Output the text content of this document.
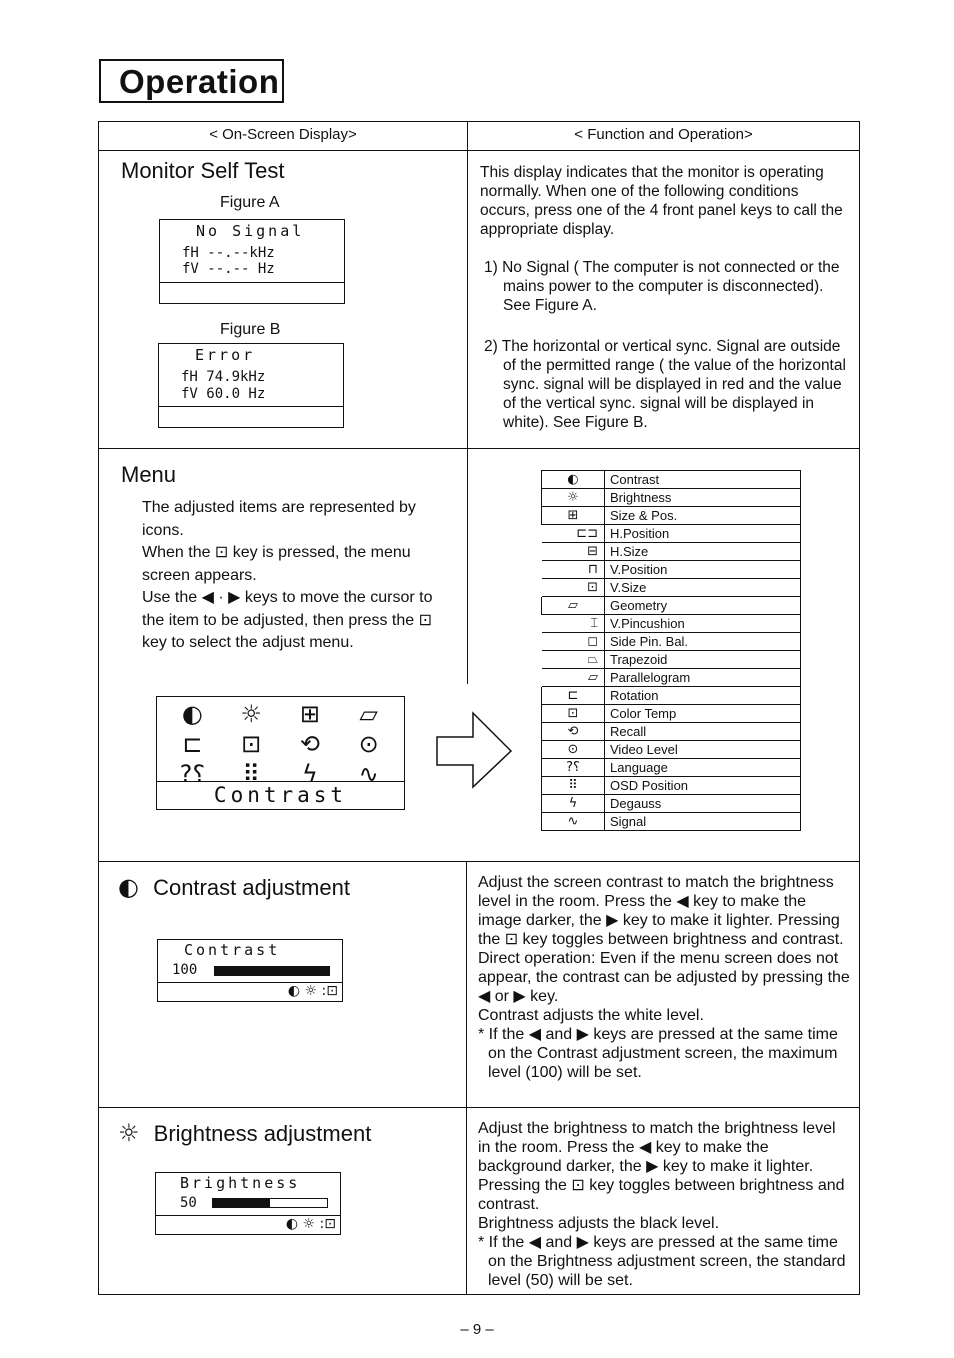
Operation
< On-Screen Display>	< Function and Operation>
Monitor Self Test
Figure A
No Signal
fH --.--kHz
fV --.-- Hz
Figure B
Error
fH 74.9kHz
fV 60.0 Hz

This display indicates that the monitor is operating normally. When one of the following conditions occurs, press one of the 4 front panel keys to call the appropriate display.

1) No Signal ( The computer is not connected or the mains power to the computer is disconnected). See Figure A.

2) The horizontal or vertical sync. Signal are outside of the permitted range ( the value of the horizontal sync. signal will be displayed in red and the value of the vertical sync. signal will be displayed in white). See Figure B.

Menu

The adjusted items are represented by icons.

When the ⊡ key is pressed, the menu screen appears.

Use the ◀ · ▶ keys to move the cursor to the item to be adjusted, then press the ⊡ key to select the adjust menu.

◐	☼	⊞	▱
⊏	⊡	⟲	⊙
?⸮	⠿	ϟ	∿
Contrast
◐	Contrast
☼	Brightness
⊞	Size & Pos.
⊏⊐	H.Position
⊟	H.Size
⊓	V.Position
⊡	V.Size
▱	Geometry
⌶	V.Pincushion
◻	Side Pin. Bal.
⏢	Trapezoid
▱	Parallelogram
⊏	Rotation
⊡	Color Temp
⟲	Recall
⊙	Video Level
?⸮	Language
⠿	OSD Position
ϟ	Degauss
∿	Signal
◐ Contrast adjustment
Contrast
100
◐ ☼ :⊡

Adjust the screen contrast to match the brightness level in the room. Press the ◀ key to make the image darker, the ▶ key to make it lighter. Pressing the ⊡ key toggles between brightness and contrast.

Direct operation: Even if the menu screen does not appear, the contrast can be adjusted by pressing the ◀ or ▶ key.

Contrast adjusts the white level.

* If the ◀ and ▶ keys are pressed at the same time on the Contrast adjustment screen, the maximum level (100) will be set.

☼ Brightness adjustment
Brightness
50
◐ ☼ :⊡

Adjust the brightness to match the brightness level in the room. Press the ◀ key to make the background darker, the ▶ key to make it lighter. Pressing the ⊡ key toggles between brightness and contrast.

Brightness adjusts the black level.

* If the ◀ and ▶ keys are pressed at the same time on the Brightness adjustment screen, the standard level (50) will be set.

– 9 –
